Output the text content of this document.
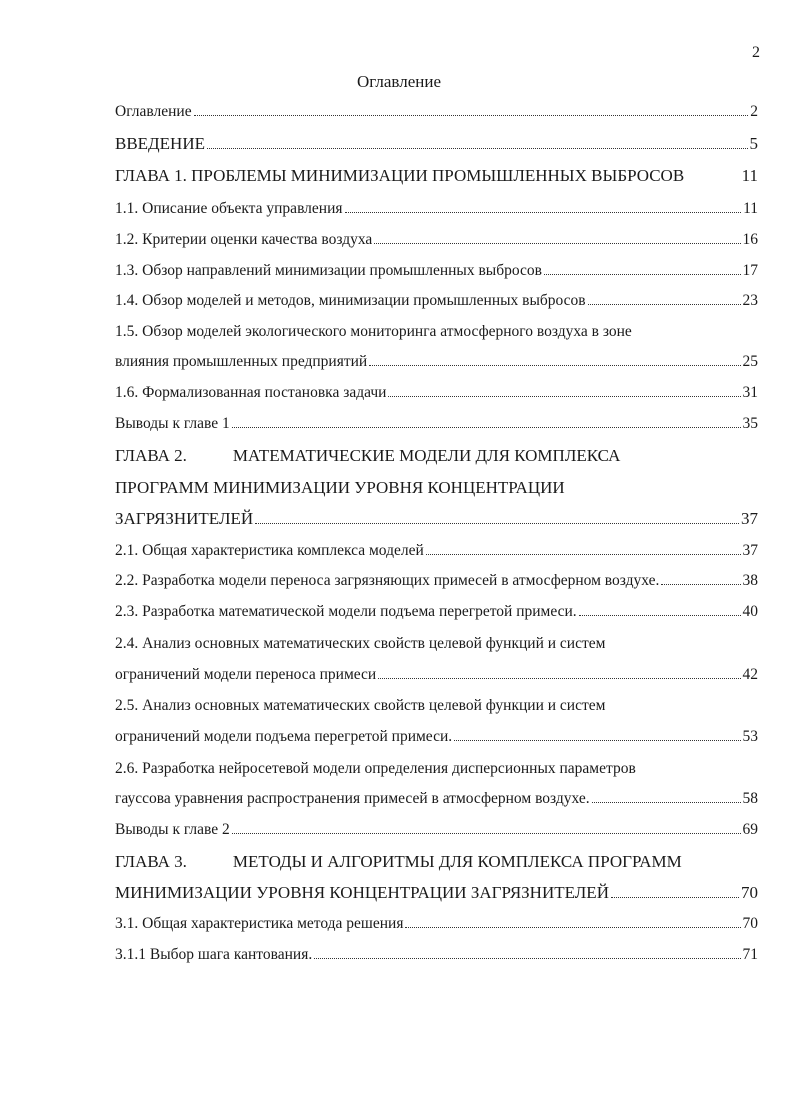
2
Оглавление
Оглавление	2
ВВЕДЕНИЕ	5
ГЛАВА 1. ПРОБЛЕМЫ МИНИМИЗАЦИИ ПРОМЫШЛЕННЫХ ВЫБРОСОВ	11
1.1. Описание объекта управления	11
1.2. Критерии оценки качества воздуха	16
1.3. Обзор направлений минимизации промышленных выбросов	17
1.4. Обзор моделей и методов, минимизации промышленных выбросов	23
1.5. Обзор моделей экологического мониторинга атмосферного воздуха в зоне
влияния промышленных предприятий	25
1.6. Формализованная постановка задачи	31
Выводы к главе 1	35
ГЛАВА 2.	МАТЕМАТИЧЕСКИЕ МОДЕЛИ ДЛЯ КОМПЛЕКСА
ПРОГРАММ МИНИМИЗАЦИИ УРОВНЯ КОНЦЕНТРАЦИИ
ЗАГРЯЗНИТЕЛЕЙ	37
2.1. Общая характеристика комплекса моделей	37
2.2. Разработка модели переноса загрязняющих примесей в атмосферном воздухе.	38
2.3. Разработка математической модели подъема перегретой примеси.	40
2.4. Анализ основных математических свойств целевой функций и систем
ограничений модели переноса примеси	42
2.5. Анализ основных математических свойств целевой функции и систем
ограничений модели подъема перегретой примеси.	53
2.6. Разработка нейросетевой модели определения дисперсионных параметров
гауссова уравнения распространения примесей в атмосферном воздухе.	58
Выводы к главе 2	69
ГЛАВА 3.	МЕТОДЫ И АЛГОРИТМЫ ДЛЯ КОМПЛЕКСА ПРОГРАММ
МИНИМИЗАЦИИ УРОВНЯ КОНЦЕНТРАЦИИ ЗАГРЯЗНИТЕЛЕЙ	70
3.1. Общая характеристика метода решения	70
3.1.1 Выбор шага кантования.	71
